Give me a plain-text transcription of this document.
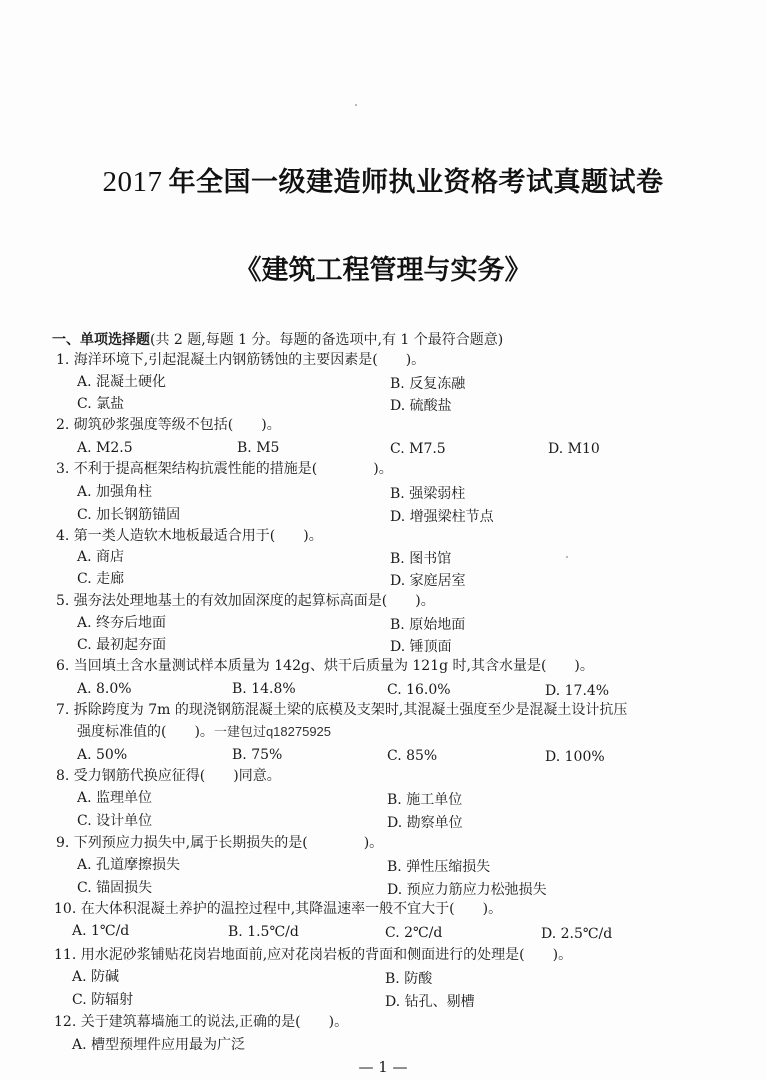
2017 年全国一级建造师执业资格考试真题试卷
《建筑工程管理与实务》
一、单项选择题(共 2 题,每题 1 分。每题的备选项中,有 1 个最符合题意)
1. 海洋环境下,引起混凝土内钢筋锈蚀的主要因素是(　　)。
A. 混凝土硬化	B. 反复冻融
C. 氯盐	D. 硫酸盐
2. 砌筑砂浆强度等级不包括(　　)。
A. M2.5	B. M5	C. M7.5	D. M10
3. 不利于提高框架结构抗震性能的措施是(　　　　)。
A. 加强角柱	B. 强梁弱柱
C. 加长钢筋锚固	D. 增强梁柱节点
4. 第一类人造软木地板最适合用于(　　)。
A. 商店	B. 图书馆
C. 走廊	D. 家庭居室
5. 强夯法处理地基土的有效加固深度的起算标高面是(　　)。
A. 终夯后地面	B. 原始地面
C. 最初起夯面	D. 锤顶面
6. 当回填土含水量测试样本质量为 142g、烘干后质量为 121g 时,其含水量是(　　)。
A. 8.0%	B. 14.8%	C. 16.0%	D. 17.4%
7. 拆除跨度为 7m 的现浇钢筋混凝土梁的底模及支架时,其混凝土强度至少是混凝土设计抗压
强度标准值的(　　)。一建包过q18275925
A. 50%	B. 75%	C. 85%	D. 100%
8. 受力钢筋代换应征得(　　)同意。
A. 监理单位	B. 施工单位
C. 设计单位	D. 勘察单位
9. 下列预应力损失中,属于长期损失的是(　　　　)。
A. 孔道摩擦损失	B. 弹性压缩损失
C. 锚固损失	D. 预应力筋应力松弛损失
10. 在大体积混凝土养护的温控过程中,其降温速率一般不宜大于(　　)。
A. 1℃/d	B. 1.5℃/d	C. 2℃/d	D. 2.5℃/d
11. 用水泥砂浆铺贴花岗岩地面前,应对花岗岩板的背面和侧面进行的处理是(　　)。
A. 防碱	B. 防酸
C. 防辐射	D. 钻孔、剔槽
12. 关于建筑幕墙施工的说法,正确的是(　　)。
A. 槽型预埋件应用最为广泛
— 1 —
